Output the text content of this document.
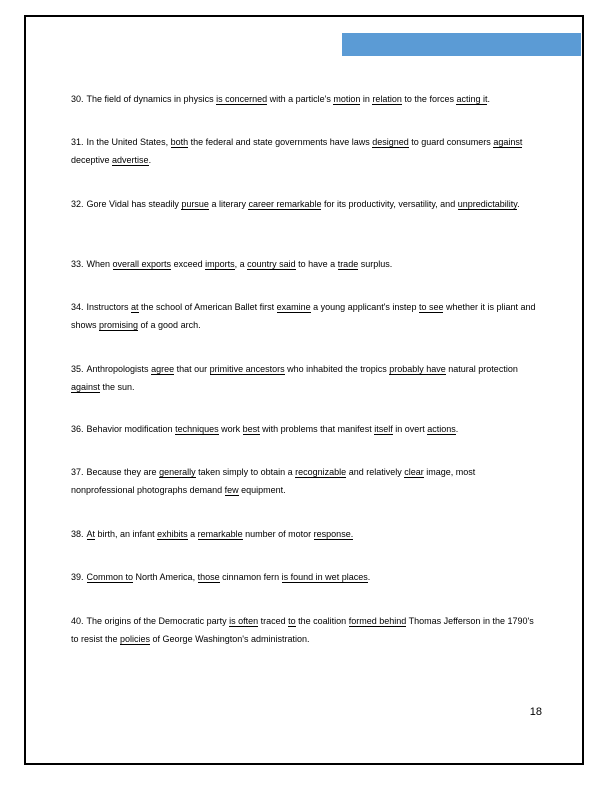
30. The field of dynamics in physics is concerned with a particle's motion in relation to the forces acting it.
31. In the United States, both the federal and state governments have laws designed to guard consumers against deceptive advertise.
32. Gore Vidal has steadily pursue a literary career remarkable for its productivity, versatility, and unpredictability.
33. When overall exports exceed imports, a country said to have a trade surplus.
34. Instructors at the school of American Ballet first examine a young applicant's instep to see whether it is pliant and shows promising of a good arch.
35. Anthropologists agree that our primitive ancestors who inhabited the tropics probably have natural protection against the sun.
36. Behavior modification techniques work best with problems that manifest itself in overt actions.
37. Because they are generally taken simply to obtain a recognizable and relatively clear image, most nonprofessional photographs demand few equipment.
38. At birth, an infant exhibits a remarkable number of motor response.
39. Common to North America, those cinnamon fern is found in wet places.
40. The origins of the Democratic party is often traced to the coalition formed behind Thomas Jefferson in the 1790's to resist the policies of George Washington's administration.
18
